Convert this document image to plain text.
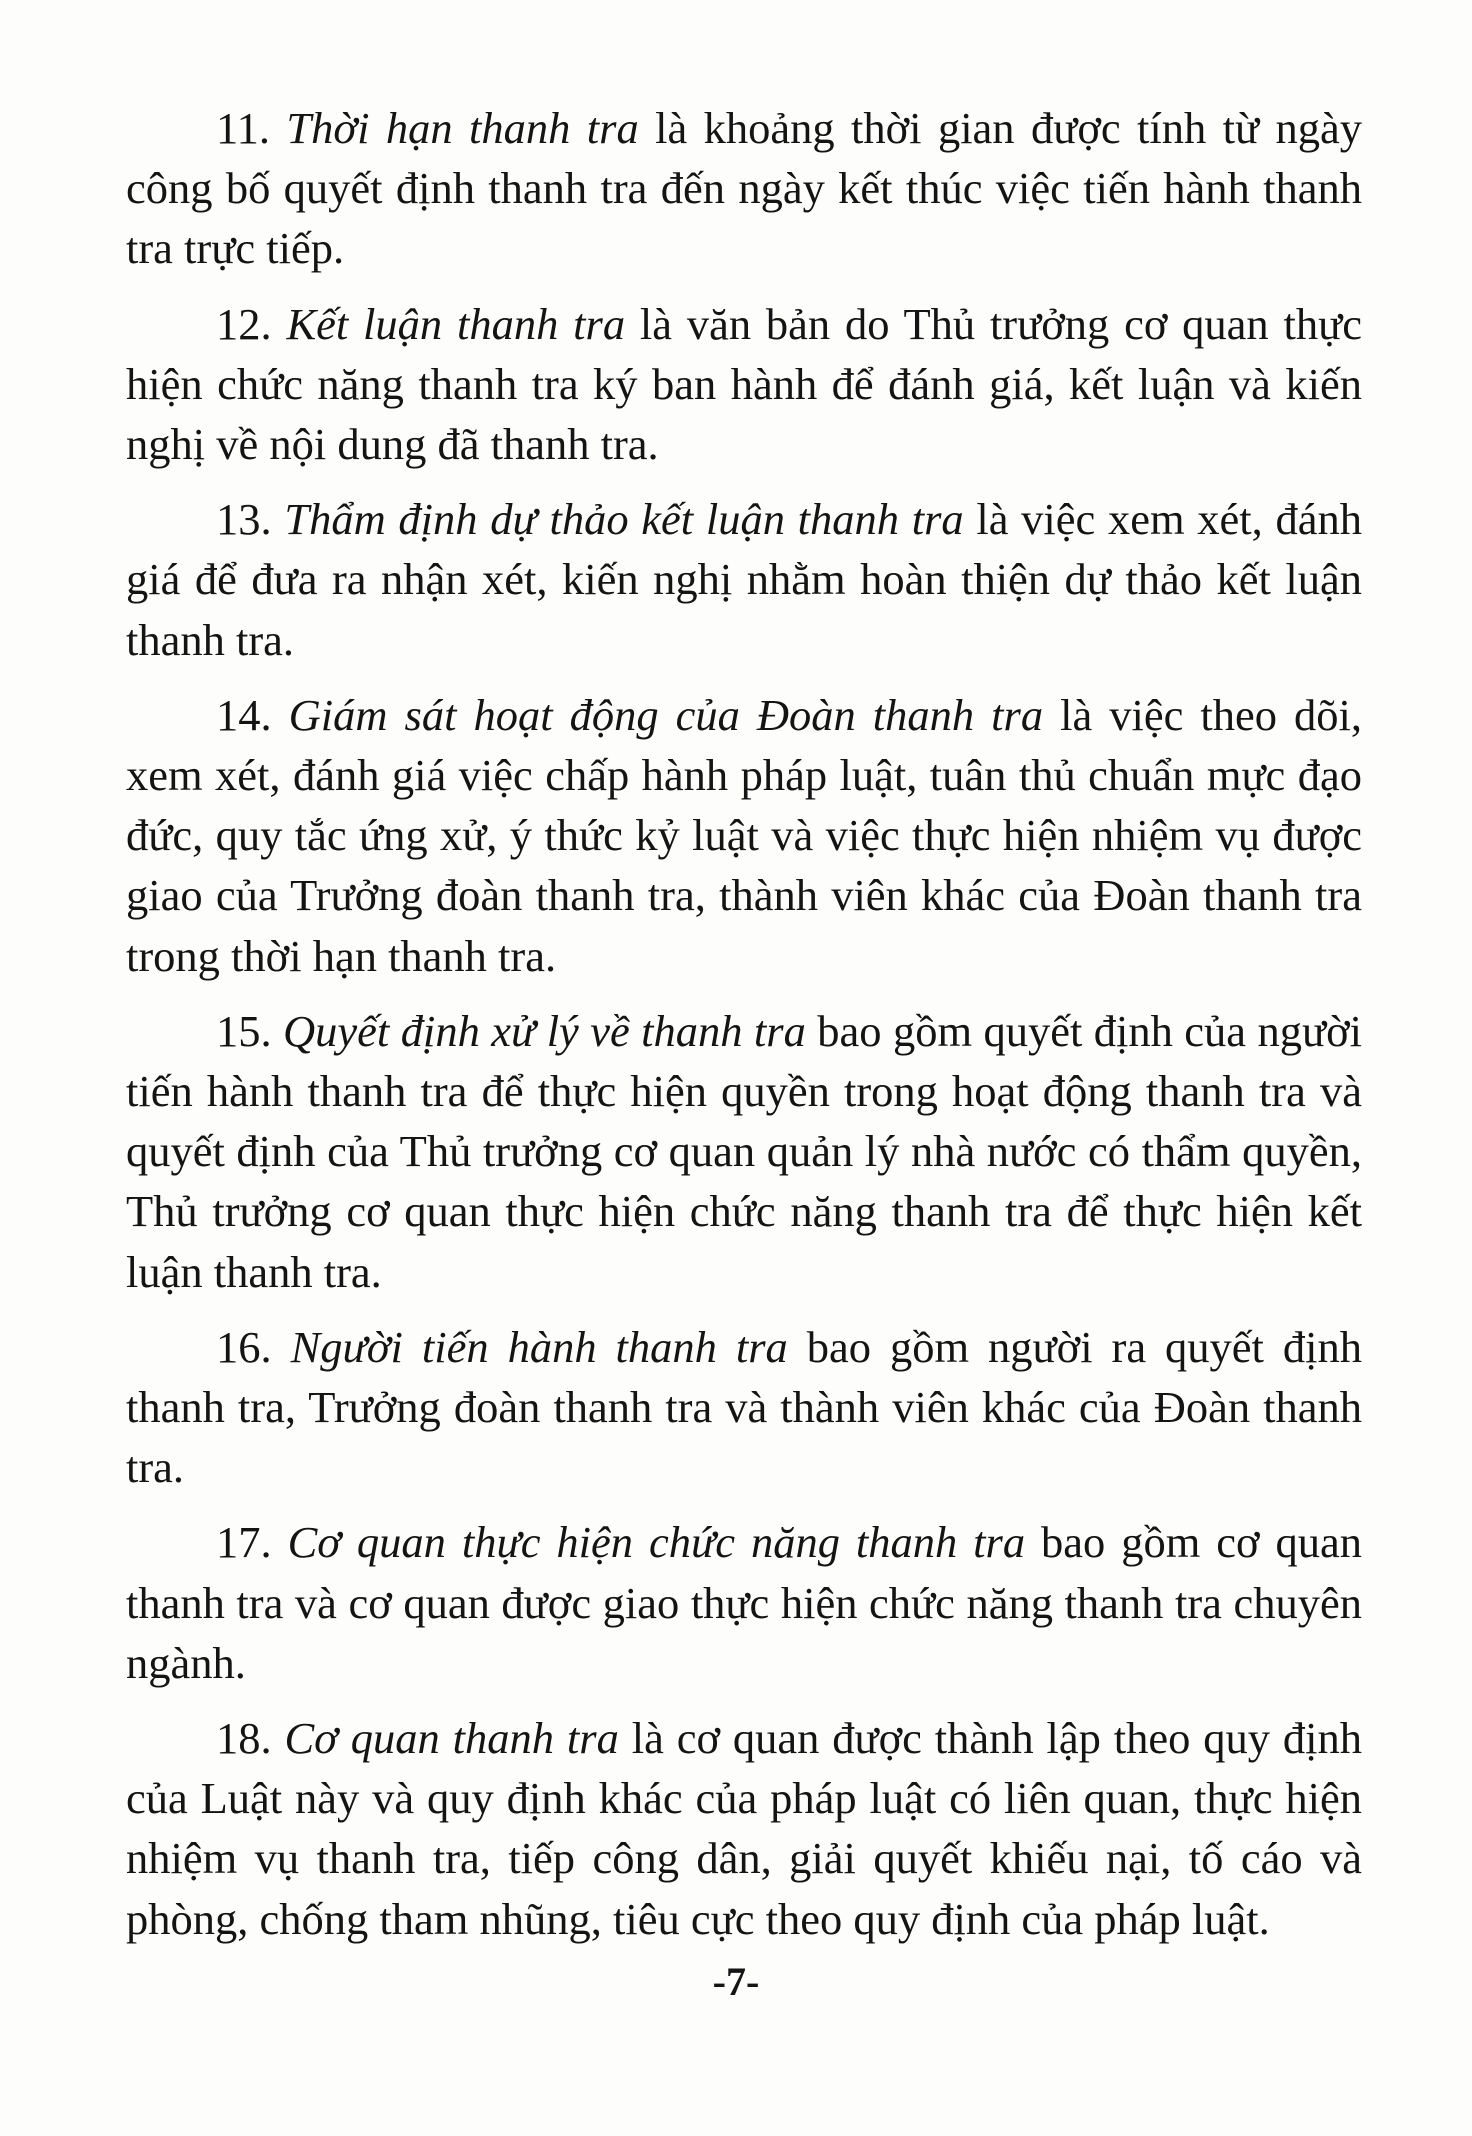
11. Thời hạn thanh tra là khoảng thời gian được tính từ ngày công bố quyết định thanh tra đến ngày kết thúc việc tiến hành thanh tra trực tiếp.

12. Kết luận thanh tra là văn bản do Thủ trưởng cơ quan thực hiện chức năng thanh tra ký ban hành để đánh giá, kết luận và kiến nghị về nội dung đã thanh tra.

13. Thẩm định dự thảo kết luận thanh tra là việc xem xét, đánh giá để đưa ra nhận xét, kiến nghị nhằm hoàn thiện dự thảo kết luận thanh tra.

14. Giám sát hoạt động của Đoàn thanh tra là việc theo dõi, xem xét, đánh giá việc chấp hành pháp luật, tuân thủ chuẩn mực đạo đức, quy tắc ứng xử, ý thức kỷ luật và việc thực hiện nhiệm vụ được giao của Trưởng đoàn thanh tra, thành viên khác của Đoàn thanh tra trong thời hạn thanh tra.

15. Quyết định xử lý về thanh tra bao gồm quyết định của người tiến hành thanh tra để thực hiện quyền trong hoạt động thanh tra và quyết định của Thủ trưởng cơ quan quản lý nhà nước có thẩm quyền, Thủ trưởng cơ quan thực hiện chức năng thanh tra để thực hiện kết luận thanh tra.

16. Người tiến hành thanh tra bao gồm người ra quyết định thanh tra, Trưởng đoàn thanh tra và thành viên khác của Đoàn thanh tra.

17. Cơ quan thực hiện chức năng thanh tra bao gồm cơ quan thanh tra và cơ quan được giao thực hiện chức năng thanh tra chuyên ngành.

18. Cơ quan thanh tra là cơ quan được thành lập theo quy định của Luật này và quy định khác của pháp luật có liên quan, thực hiện nhiệm vụ thanh tra, tiếp công dân, giải quyết khiếu nại, tố cáo và phòng, chống tham nhũng, tiêu cực theo quy định của pháp luật.

-7-
